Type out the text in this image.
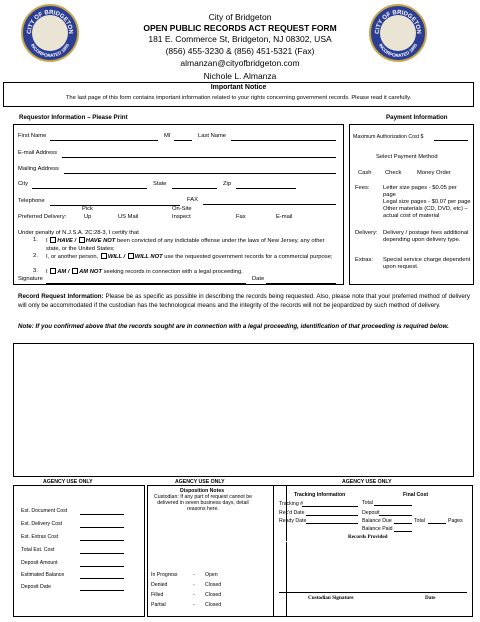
CITY OF BRIDGETON
INCORPORATED 1865
CITY OF BRIDGETON
INCORPORATED 1865
City of Bridgeton
OPEN PUBLIC RECORDS ACT REQUEST FORM
181 E. Commerce St, Bridgeton, NJ 08302, USA
(856) 455-3230 & (856) 451-5321 (Fax)
almanzan@cityofbridgeton.com
Nichole L. Almanza
Important Notice
The last page of this form contains important information related to your rights concerning government records. Please read it carefully.
Requestor Information – Please Print	Payment Information
First Name	MI	Last Name
E-mail Address
Mailing Address
City	State	Zip
Telephone	FAX
Pick	On-Site
Preferred Delivery:	Up	US Mail	Inspect	Fax	E-mail
Under penalty of N.J.S.A. 2C:28-3, I certify that
1. I HAVE / HAVE NOT been convicted of any indictable offense under the laws of New Jersey, any other state, or the United States;
2. I, or another person, WILL / WILL NOT use the requested government records for a commercial purpose;
3. I AM / AM NOT seeking records in connection with a legal proceeding.
Signature	Date
Maximum Authorization Cost $
Select Payment Method
Cash Check	Money Order
Fees: Letter size pages - $0.05 per page
Legal size pages - $0.07 per page
Other materials (CD, DVD, etc) – actual cost of material
Delivery: Delivery / postage fees additional depending upon delivery type.
Extras: Special service charge dependent upon request.
Record Request Information: Please be as specific as possible in describing the records being requested. Also, please note that your preferred method of delivery will only be accommodated if the custodian has the technological means and the integrity of the records will not be jeopardized by such method of delivery.
Note: If you confirmed above that the records sought are in connection with a legal proceeding, identification of that proceeding is required below.
AGENCY USE ONLY	AGENCY USE ONLY	AGENCY USE ONLY
Est. Document Cost
Est. Delivery Cost
Est. Extras Cost
Total Est. Cost
Deposit Amount
Estimated Balance
Deposit Date
Disposition Notes
Custodian: If any part of request cannot be delivered in seven business days, detail reasons here.
In Progress	- Open
Denied	- Closed
Filled	- Closed
Partial	- Closed
Tracking Information	Final Cost
Tracking #	Total
Rec'd Date	Deposit
Ready Date	Balance Due	Total	Pages
Balance Paid
Records Provided
Custodian Signature	Date
